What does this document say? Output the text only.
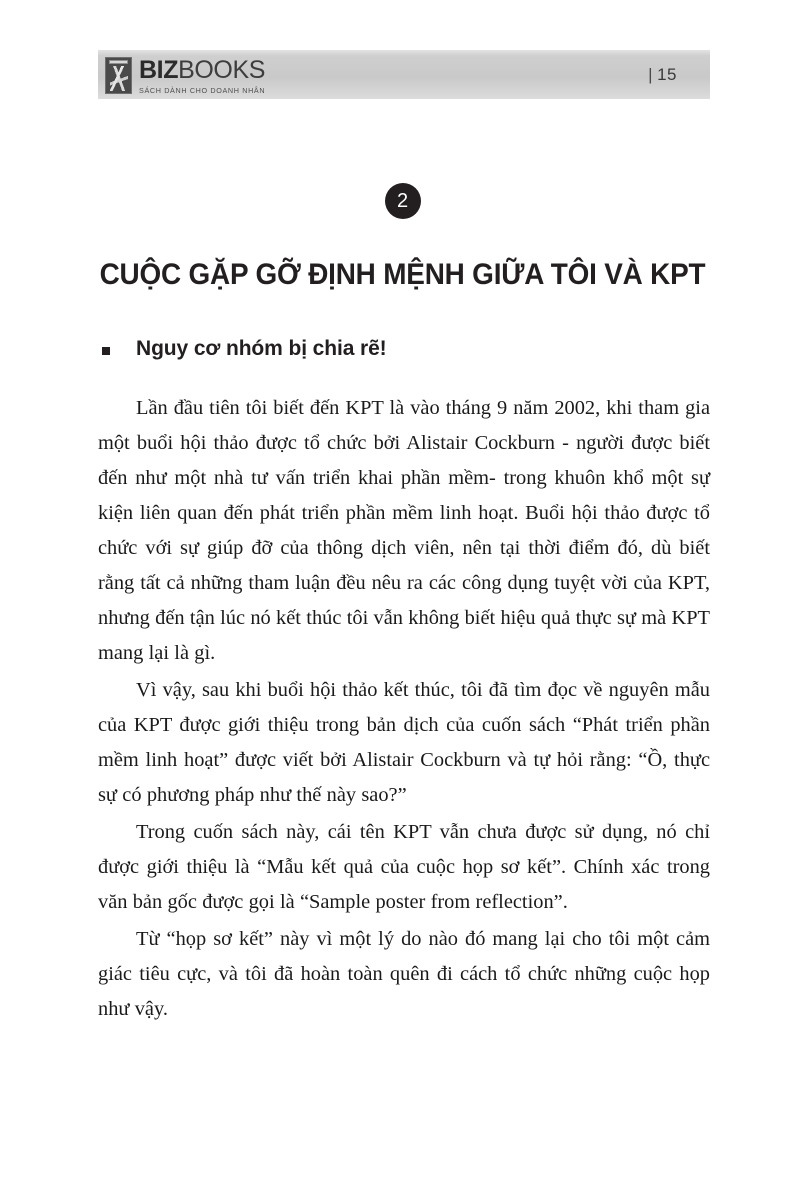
BIZBOOKS
SÁCH DÀNH CHO DOANH NHÂN
| 15
2
CUỘC GẶP GỠ ĐỊNH MỆNH GIỮA TÔI VÀ KPT
Nguy cơ nhóm bị chia rẽ!

Lần đầu tiên tôi biết đến KPT là vào tháng 9 năm 2002, khi tham gia một buổi hội thảo được tổ chức bởi Alistair Cockburn - người được biết đến như một nhà tư vấn triển khai phần mềm- trong khuôn khổ một sự kiện liên quan đến phát triển phần mềm linh hoạt. Buổi hội thảo được tổ chức với sự giúp đỡ của thông dịch viên, nên tại thời điểm đó, dù biết rằng tất cả những tham luận đều nêu ra các công dụng tuyệt vời của KPT, nhưng đến tận lúc nó kết thúc tôi vẫn không biết hiệu quả thực sự mà KPT mang lại là gì.

Vì vậy, sau khi buổi hội thảo kết thúc, tôi đã tìm đọc về nguyên mẫu của KPT được giới thiệu trong bản dịch của cuốn sách “Phát triển phần mềm linh hoạt” được viết bởi Alistair Cockburn và tự hỏi rằng: “Ồ, thực sự có phương pháp như thế này sao?”

Trong cuốn sách này, cái tên KPT vẫn chưa được sử dụng, nó chỉ được giới thiệu là “Mẫu kết quả của cuộc họp sơ kết”. Chính xác trong văn bản gốc được gọi là “Sample poster from reflection”.

Từ “họp sơ kết” này vì một lý do nào đó mang lại cho tôi một cảm giác tiêu cực, và tôi đã hoàn toàn quên đi cách tổ chức những cuộc họp như vậy.
